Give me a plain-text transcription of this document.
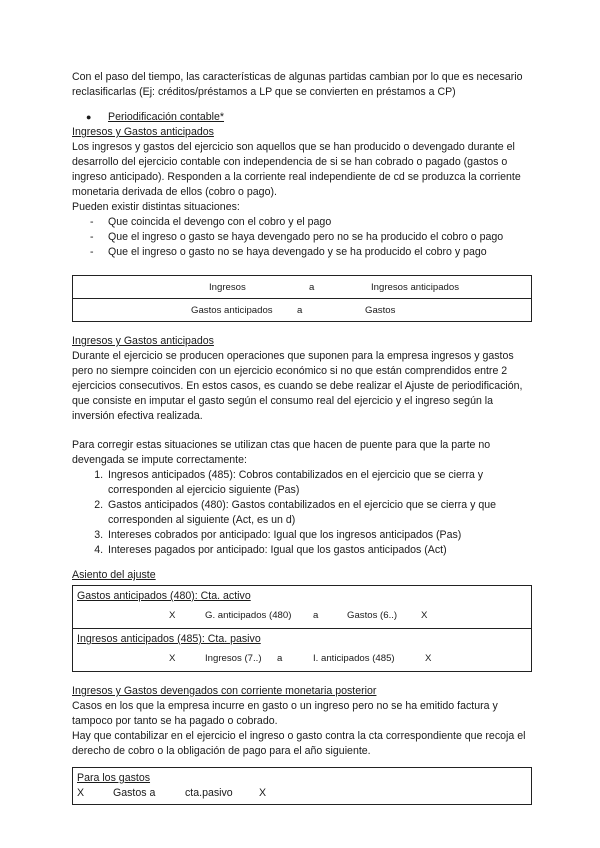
Con el paso del tiempo, las características de algunas partidas cambian por lo que es necesario reclasificarlas (Ej: créditos/préstamos a LP que se convierten en préstamos a CP)

●	Periodificación contable*

Ingresos y Gastos anticipados

Los ingresos y gastos del ejercicio son aquellos que se han producido o devengado durante el desarrollo del ejercicio contable con independencia de si se han cobrado o pagado (gastos o ingreso anticipado). Responden a la corriente real independiente de cd se produzca la corriente monetaria derivada de ellos (cobro o pago).

Pueden existir distintas situaciones:

-	Que coincida el devengo con el cobro y el pago
-	Que el ingreso o gasto se haya devengado pero no se ha producido el cobro o pago
-	Que el ingreso o gasto no se haya devengado y se ha producido el cobro y pago
Ingresos	a	Ingresos anticipados
Gastos anticipados	a	Gastos

Ingresos y Gastos anticipados

Durante el ejercicio se producen operaciones que suponen para la empresa ingresos y gastos pero no siempre coinciden con un ejercicio económico si no que están comprendidos entre 2 ejercicios consecutivos. En estos casos, es cuando se debe realizar el Ajuste de periodificación, que consiste en imputar el gasto según el consumo real del ejercicio y el ingreso según la inversión efectiva realizada.

Para corregir estas situaciones se utilizan ctas que hacen de puente para que la parte no devengada se impute correctamente:

1. Ingresos anticipados (485): Cobros contabilizados en el ejercicio que se cierra y corresponden al ejercicio siguiente (Pas)
2. Gastos anticipados (480): Gastos contabilizados en el ejercicio que se cierra y que corresponden al siguiente (Act, es un d)
3. Intereses cobrados por anticipado: Igual que los ingresos anticipados (Pas)
4. Intereses pagados por anticipado: Igual que los gastos anticipados (Act)

Asiento del ajuste

Gastos anticipados (480): Cta. activo

X	G. anticipados (480)	a	Gastos (6..)	X

Ingresos anticipados (485): Cta. pasivo

X	Ingresos (7..)	a	I. anticipados (485)	X

Ingresos y Gastos devengados con corriente monetaria posterior

Casos en los que la empresa incurre en gasto o un ingreso pero no se ha emitido factura y tampoco por tanto se ha pagado o cobrado.

Hay que contabilizar en el ejercicio el ingreso o gasto contra la cta correspondiente que recoja el derecho de cobro o la obligación de pago para el año siguiente.

Para los gastos

X	Gastos a	cta.pasivo	X
